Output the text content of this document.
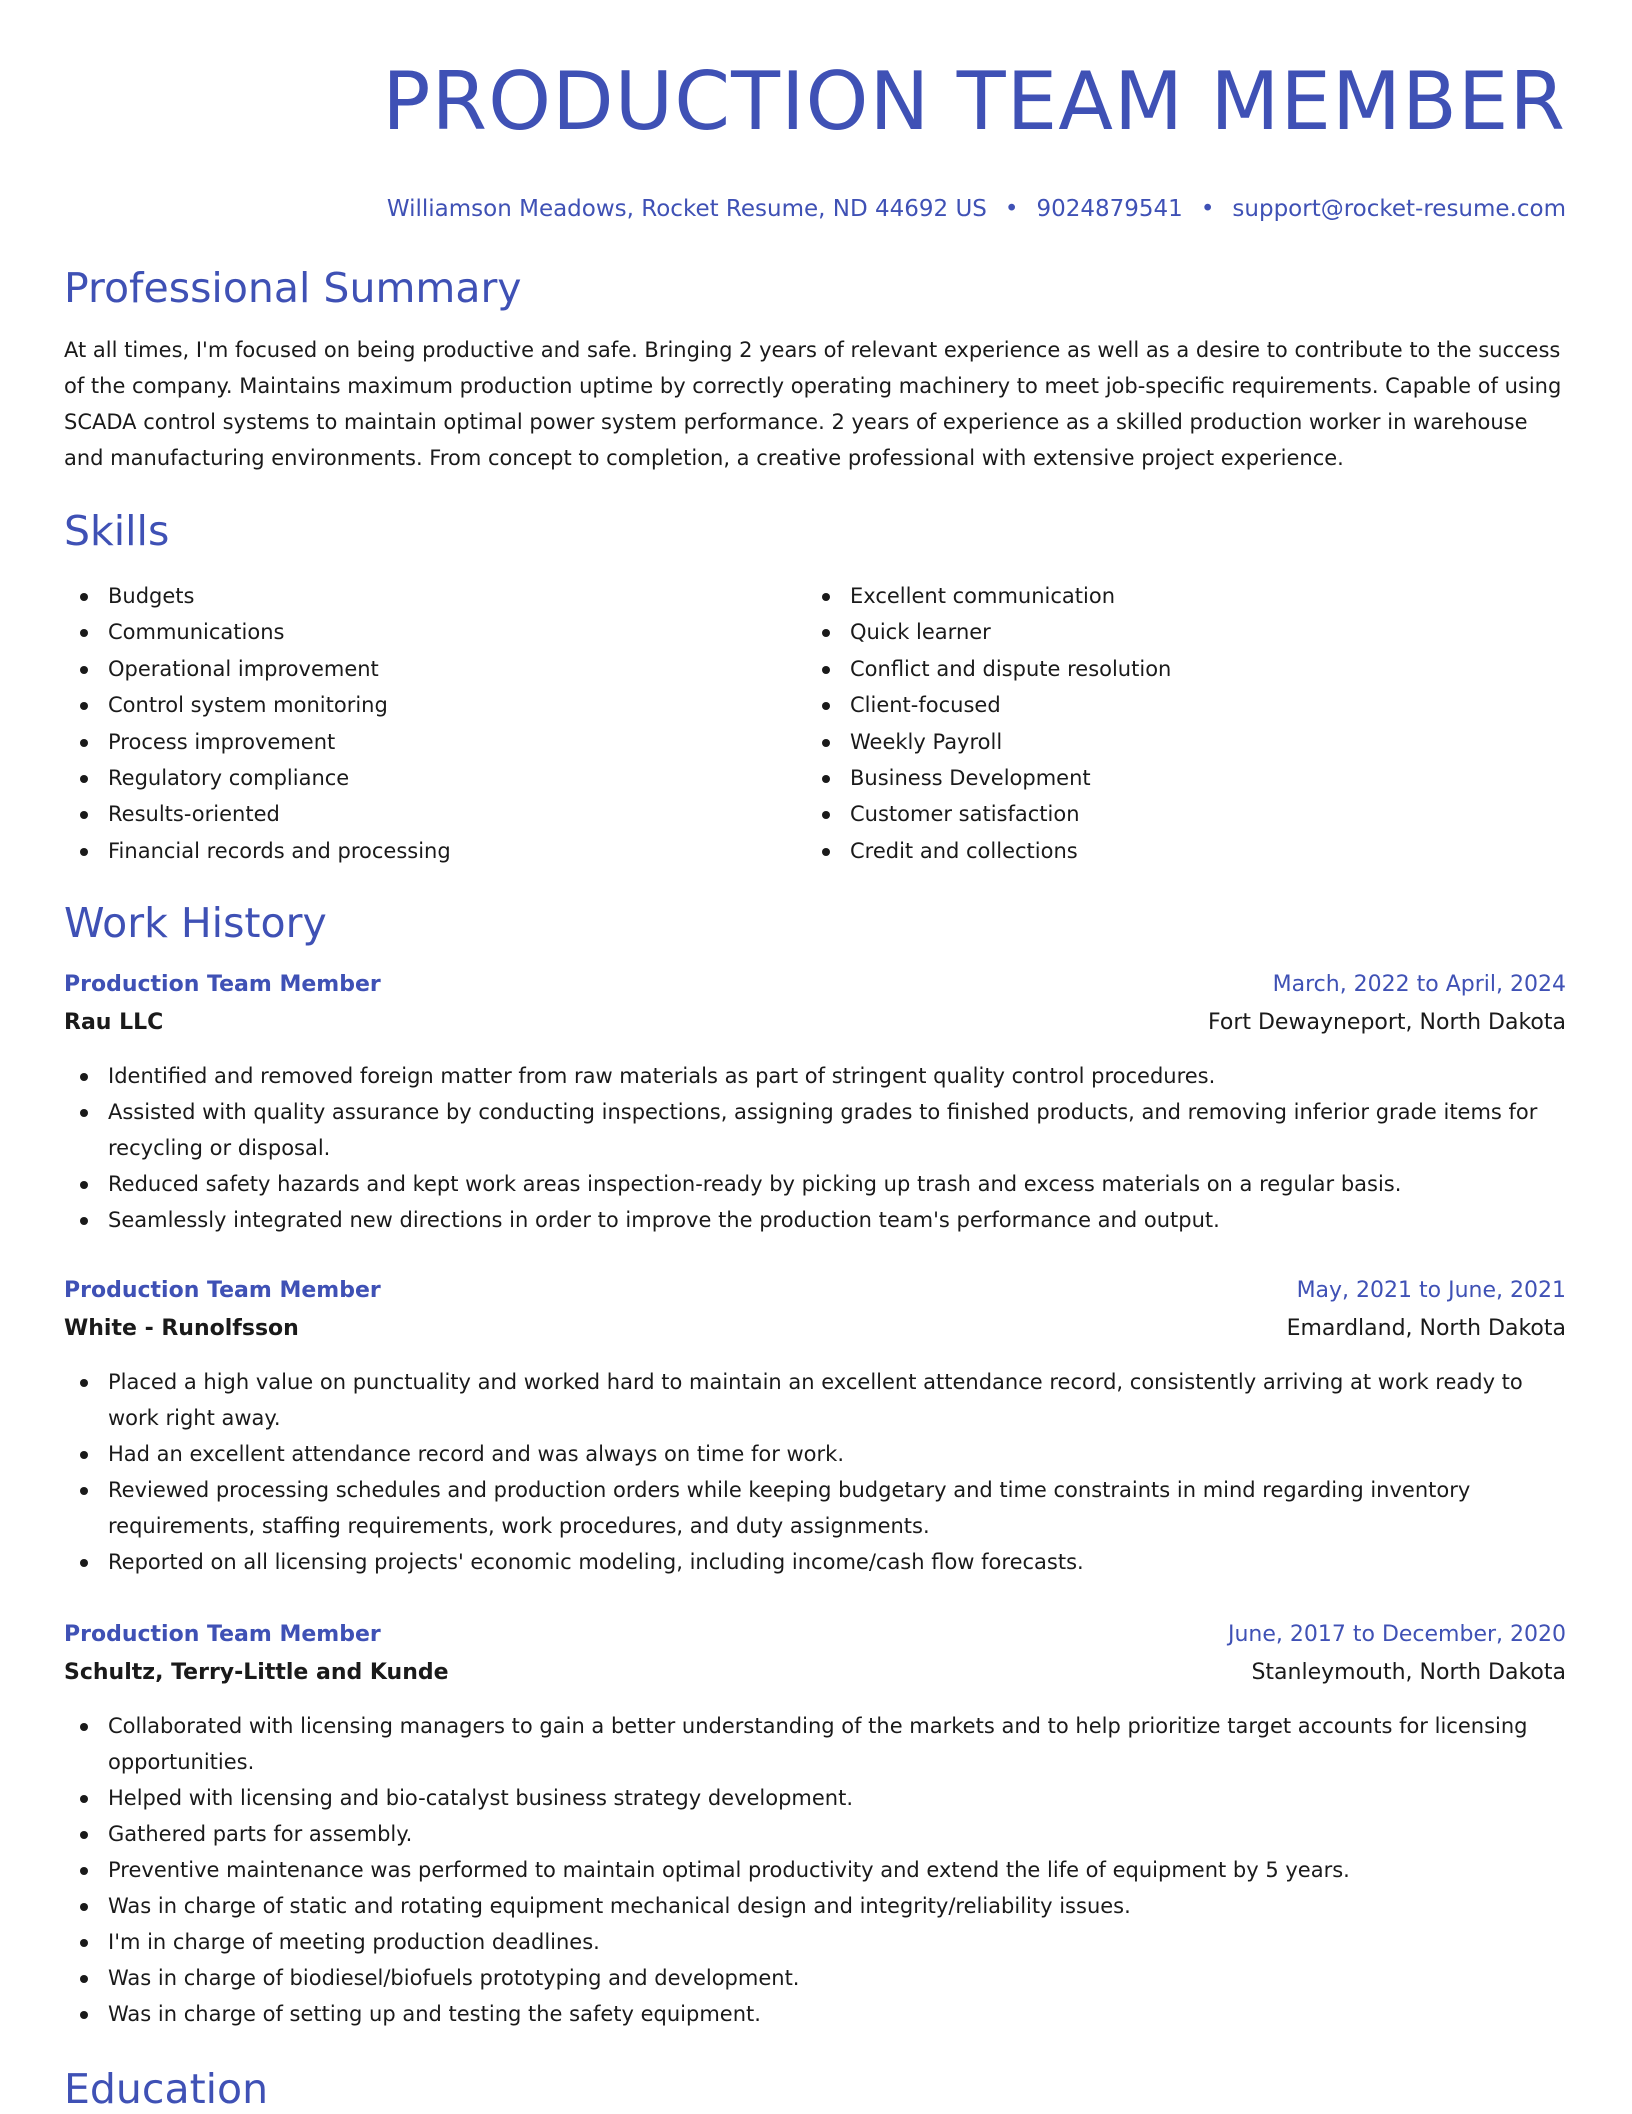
PRODUCTION TEAM MEMBER
Williamson Meadows, Rocket Resume, ND 44692 US • 9024879541 • support@rocket-resume.com
Professional Summary

At all times, I'm focused on being productive and safe. Bringing 2 years of relevant experience as well as a desire to contribute to the success of the company. Maintains maximum production uptime by correctly operating machinery to meet job-specific requirements. Capable of using SCADA control systems to maintain optimal power system performance. 2 years of experience as a skilled production worker in warehouse and manufacturing environments. From concept to completion, a creative professional with extensive project experience.

Skills
Budgets
Communications
Operational improvement
Control system monitoring
Process improvement
Regulatory compliance
Results-oriented
Financial records and processing
Excellent communication
Quick learner
Conflict and dispute resolution
Client-focused
Weekly Payroll
Business Development
Customer satisfaction
Credit and collections
Work History
Production Team Member	March, 2022 to April, 2024
Rau LLC	Fort Dewayneport, North Dakota
Identified and removed foreign matter from raw materials as part of stringent quality control procedures.
Assisted with quality assurance by conducting inspections, assigning grades to finished products, and removing inferior grade items for recycling or disposal.
Reduced safety hazards and kept work areas inspection-ready by picking up trash and excess materials on a regular basis.
Seamlessly integrated new directions in order to improve the production team's performance and output.
Production Team Member	May, 2021 to June, 2021
White - Runolfsson	Emardland, North Dakota
Placed a high value on punctuality and worked hard to maintain an excellent attendance record, consistently arriving at work ready to work right away.
Had an excellent attendance record and was always on time for work.
Reviewed processing schedules and production orders while keeping budgetary and time constraints in mind regarding inventory requirements, staffing requirements, work procedures, and duty assignments.
Reported on all licensing projects' economic modeling, including income/cash flow forecasts.
Production Team Member	June, 2017 to December, 2020
Schultz, Terry-Little and Kunde	Stanleymouth, North Dakota
Collaborated with licensing managers to gain a better understanding of the markets and to help prioritize target accounts for licensing opportunities.
Helped with licensing and bio-catalyst business strategy development.
Gathered parts for assembly.
Preventive maintenance was performed to maintain optimal productivity and extend the life of equipment by 5 years.
Was in charge of static and rotating equipment mechanical design and integrity/reliability issues.
I'm in charge of meeting production deadlines.
Was in charge of biodiesel/biofuels prototyping and development.
Was in charge of setting up and testing the safety equipment.
Education
